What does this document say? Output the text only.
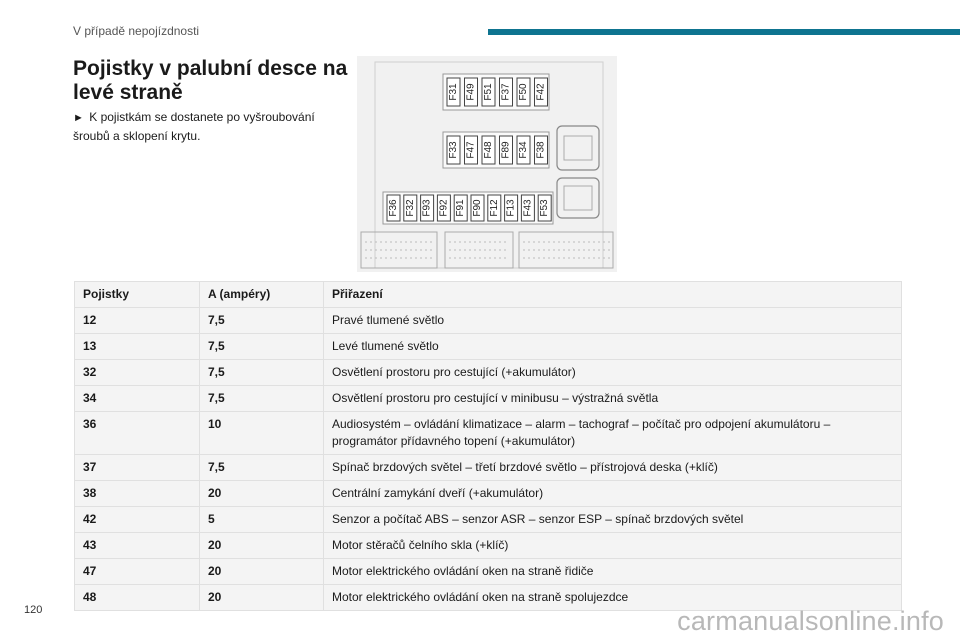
V případě nepojízdnosti
Pojistky v palubní desce na levé straně

► K pojistkám se dostanete po vyšroubování šroubů a sklopení krytu.

F31 F49 F51 F37 F50 F42
F33 F47 F48 F89 F34 F38
F36 F32 F93 F92 F91 F90 F12 F13 F43 F53
Pojistky	A (ampéry)	Přiřazení
12	7,5	Pravé tlumené světlo
13	7,5	Levé tlumené světlo
32	7,5	Osvětlení prostoru pro cestující (+akumulátor)
34	7,5	Osvětlení prostoru pro cestující v minibusu – výstražná světla
36	10	Audiosystém – ovládání klimatizace – alarm – tachograf – počítač pro odpojení akumulátoru – programátor přídavného topení (+akumulátor)
37	7,5	Spínač brzdových světel – třetí brzdové světlo – přístrojová deska (+klíč)
38	20	Centrální zamykání dveří (+akumulátor)
42	5	Senzor a počítač ABS – senzor ASR – senzor ESP – spínač brzdových světel
43	20	Motor stěračů čelního skla (+klíč)
47	20	Motor elektrického ovládání oken na straně řidiče
48	20	Motor elektrického ovládání oken na straně spolujezdce
120	carmanualsonline.info
